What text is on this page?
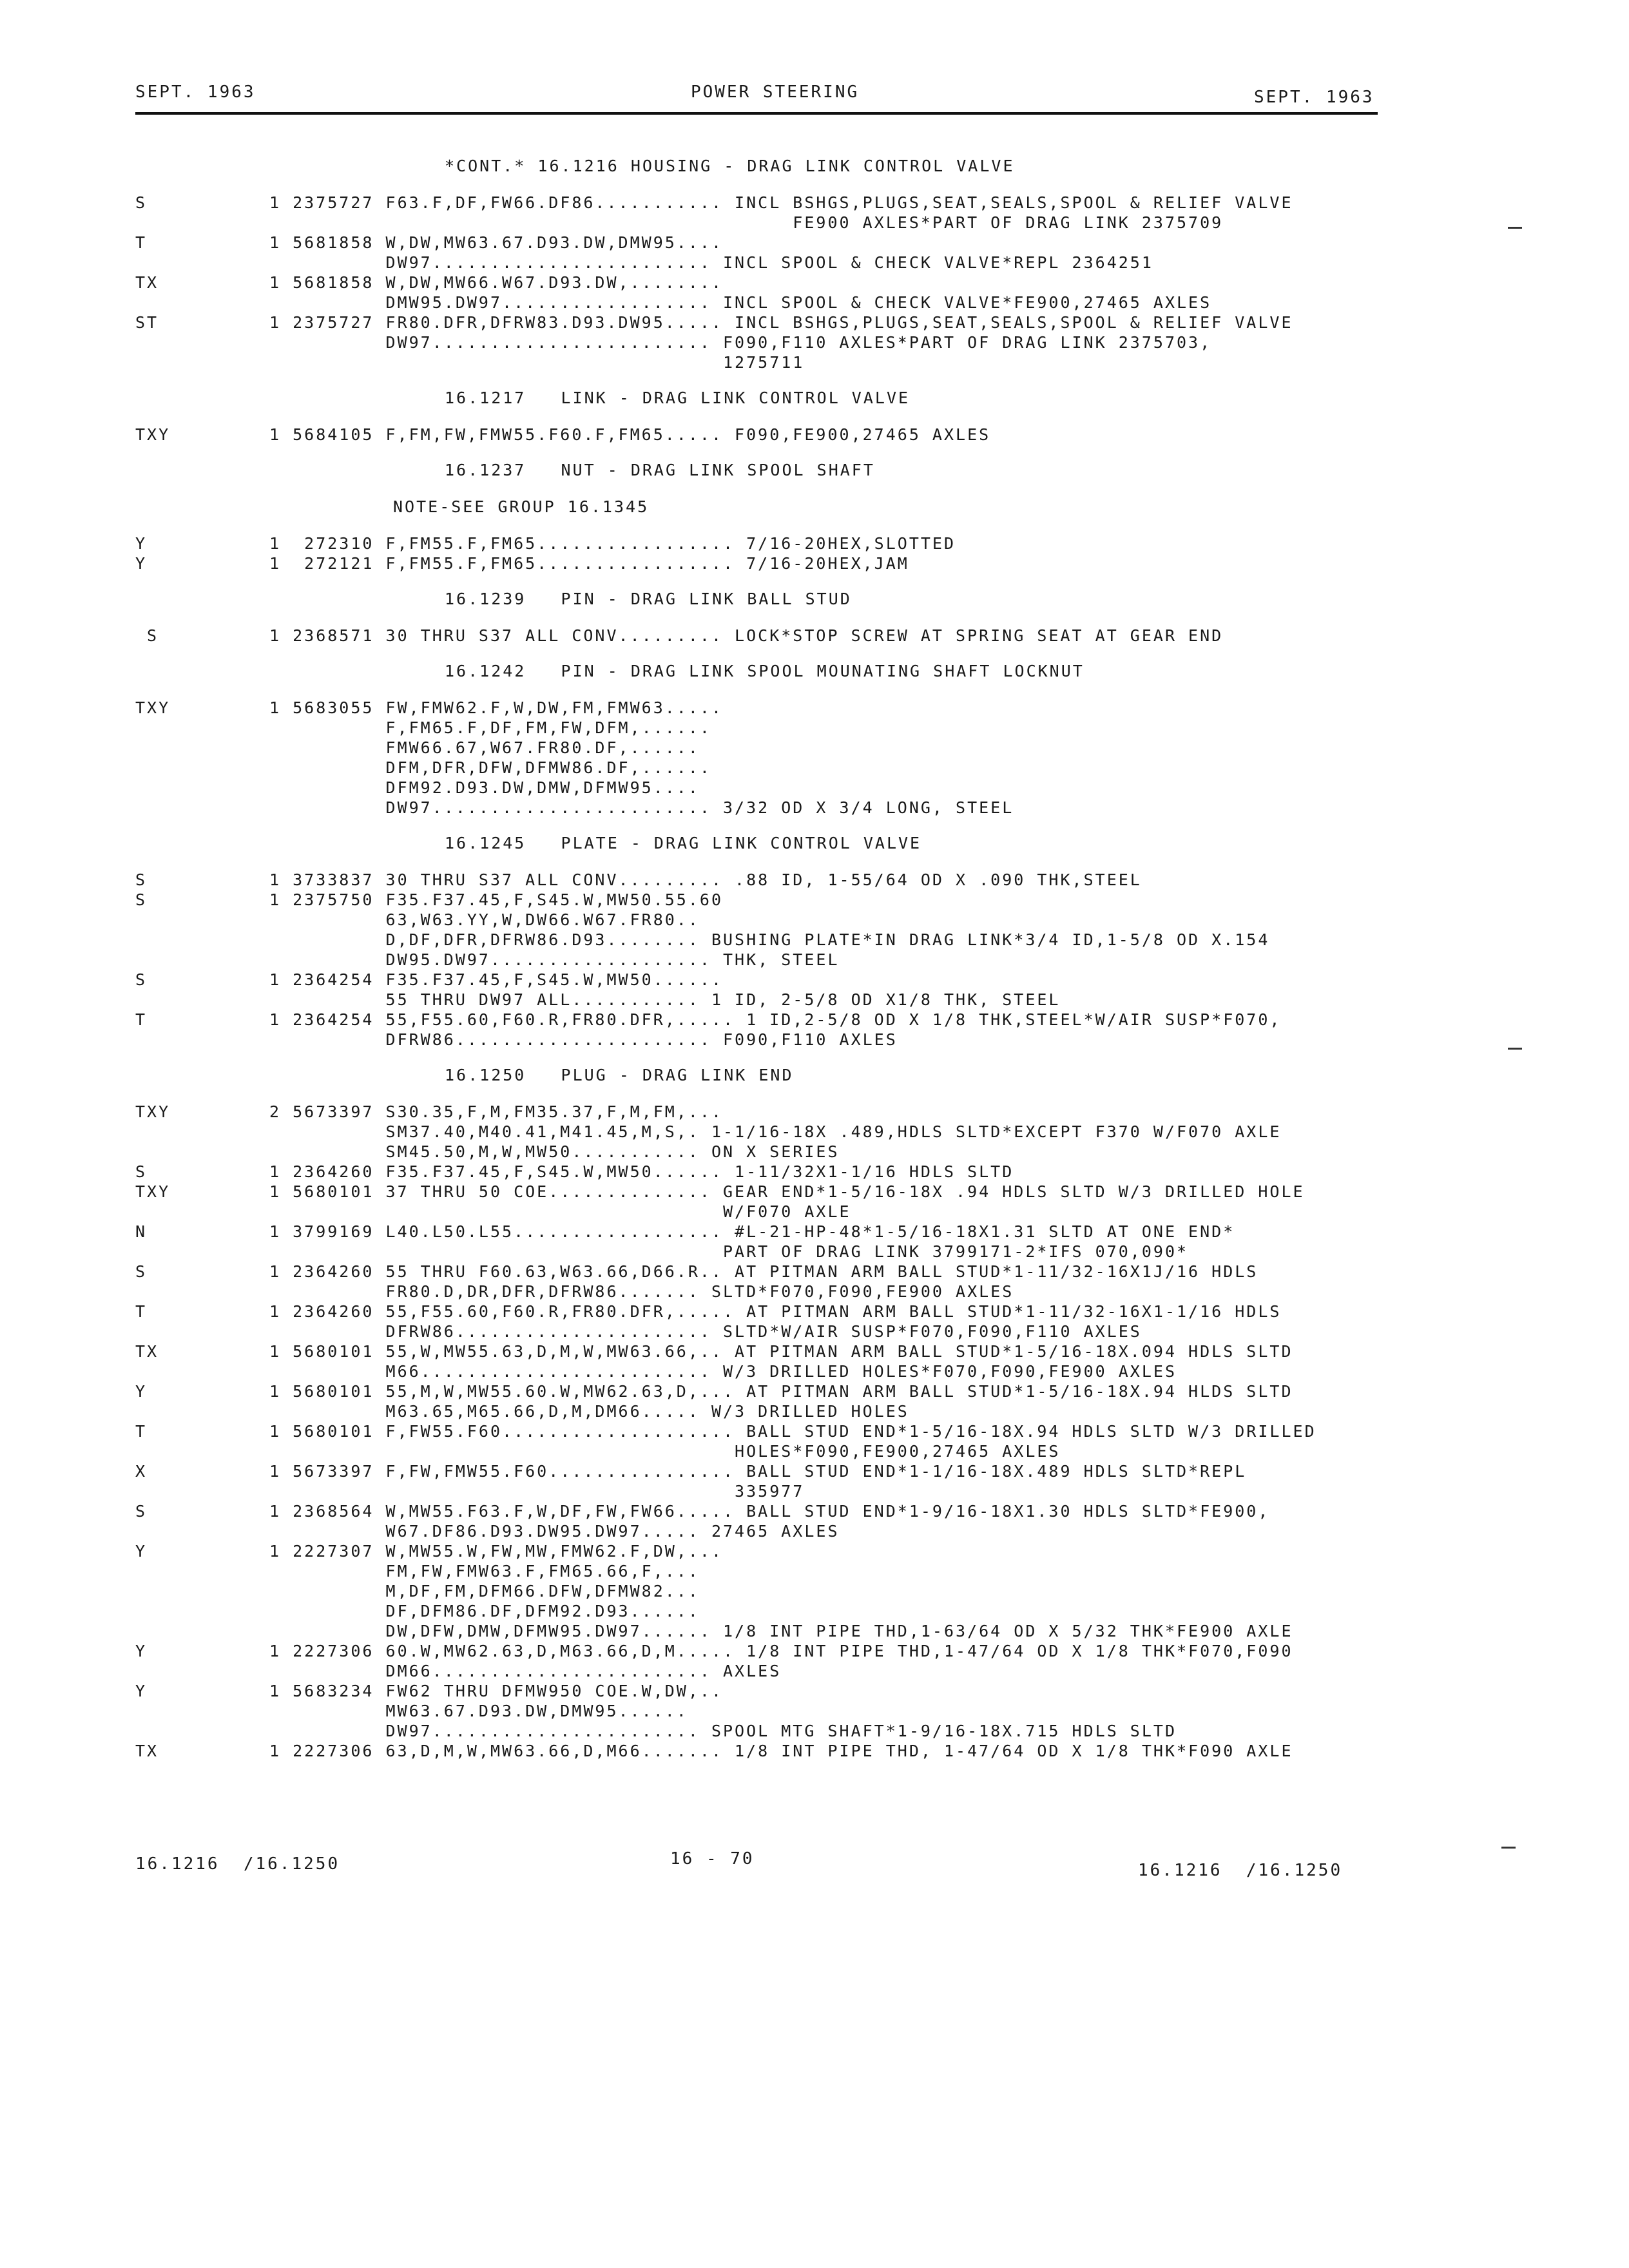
SEPT. 1963	POWER STEERING	SEPT. 1963
*CONT.* 16.1216 HOUSING - DRAG LINK CONTROL VALVE
S	1 2375727 F63.F,DF,FW66.DF86........... INCL BSHGS,PLUGS,SEAT,SEALS,SPOOL & RELIEF VALVE
FE900 AXLES*PART OF DRAG LINK 2375709
T	1 5681858 W,DW,MW63.67.D93.DW,DMW95....
DW97........................ INCL SPOOL & CHECK VALVE*REPL 2364251
TX	1 5681858 W,DW,MW66.W67.D93.DW,........
DMW95.DW97.................. INCL SPOOL & CHECK VALVE*FE900,27465 AXLES
ST	1 2375727 FR80.DFR,DFRW83.D93.DW95..... INCL BSHGS,PLUGS,SEAT,SEALS,SPOOL & RELIEF VALVE
DW97........................ F090,F110 AXLES*PART OF DRAG LINK 2375703,
1275711
16.1217   LINK - DRAG LINK CONTROL VALVE
TXY	1 5684105 F,FM,FW,FMW55.F60.F,FM65..... F090,FE900,27465 AXLES
16.1237   NUT - DRAG LINK SPOOL SHAFT
NOTE-SEE GROUP 16.1345
Y	1  272310 F,FM55.F,FM65................. 7/16-20HEX,SLOTTED
Y	1  272121 F,FM55.F,FM65................. 7/16-20HEX,JAM
16.1239   PIN - DRAG LINK BALL STUD
S	1 2368571 30 THRU S37 ALL CONV......... LOCK*STOP SCREW AT SPRING SEAT AT GEAR END
16.1242   PIN - DRAG LINK SPOOL MOUNATING SHAFT LOCKNUT
TXY	1 5683055 FW,FMW62.F,W,DW,FM,FMW63.....
F,FM65.F,DF,FM,FW,DFM,......
FMW66.67,W67.FR80.DF,......
DFM,DFR,DFW,DFMW86.DF,......
DFM92.D93.DW,DMW,DFMW95....
DW97........................ 3/32 OD X 3/4 LONG, STEEL
16.1245   PLATE - DRAG LINK CONTROL VALVE
S	1 3733837 30 THRU S37 ALL CONV......... .88 ID, 1-55/64 OD X .090 THK,STEEL
S	1 2375750 F35.F37.45,F,S45.W,MW50.55.60
63,W63.YY,W,DW66.W67.FR80..
D,DF,DFR,DFRW86.D93........ BUSHING PLATE*IN DRAG LINK*3/4 ID,1-5/8 OD X.154
DW95.DW97................... THK, STEEL
S	1 2364254 F35.F37.45,F,S45.W,MW50......
55 THRU DW97 ALL........... 1 ID, 2-5/8 OD X1/8 THK, STEEL
T	1 2364254 55,F55.60,F60.R,FR80.DFR,..... 1 ID,2-5/8 OD X 1/8 THK,STEEL*W/AIR SUSP*F070,
DFRW86...................... F090,F110 AXLES
16.1250   PLUG - DRAG LINK END
TXY	2 5673397 S30.35,F,M,FM35.37,F,M,FM,...
SM37.40,M40.41,M41.45,M,S,. 1-1/16-18X .489,HDLS SLTD*EXCEPT F370 W/F070 AXLE
SM45.50,M,W,MW50........... ON X SERIES
S	1 2364260 F35.F37.45,F,S45.W,MW50...... 1-11/32X1-1/16 HDLS SLTD
TXY	1 5680101 37 THRU 50 COE.............. GEAR END*1-5/16-18X .94 HDLS SLTD W/3 DRILLED HOLE
W/F070 AXLE
N	1 3799169 L40.L50.L55.................. #L-21-HP-48*1-5/16-18X1.31 SLTD AT ONE END*
PART OF DRAG LINK 3799171-2*IFS 070,090*
S	1 2364260 55 THRU F60.63,W63.66,D66.R.. AT PITMAN ARM BALL STUD*1-11/32-16X1J/16 HDLS
FR80.D,DR,DFR,DFRW86....... SLTD*F070,F090,FE900 AXLES
T	1 2364260 55,F55.60,F60.R,FR80.DFR,..... AT PITMAN ARM BALL STUD*1-11/32-16X1-1/16 HDLS
DFRW86...................... SLTD*W/AIR SUSP*F070,F090,F110 AXLES
TX	1 5680101 55,W,MW55.63,D,M,W,MW63.66,.. AT PITMAN ARM BALL STUD*1-5/16-18X.094 HDLS SLTD
M66......................... W/3 DRILLED HOLES*F070,F090,FE900 AXLES
Y	1 5680101 55,M,W,MW55.60.W,MW62.63,D,... AT PITMAN ARM BALL STUD*1-5/16-18X.94 HLDS SLTD
M63.65,M65.66,D,M,DM66..... W/3 DRILLED HOLES
T	1 5680101 F,FW55.F60.................... BALL STUD END*1-5/16-18X.94 HDLS SLTD W/3 DRILLED
HOLES*F090,FE900,27465 AXLES
X	1 5673397 F,FW,FMW55.F60................ BALL STUD END*1-1/16-18X.489 HDLS SLTD*REPL
335977
S	1 2368564 W,MW55.F63.F,W,DF,FW,FW66..... BALL STUD END*1-9/16-18X1.30 HDLS SLTD*FE900,
W67.DF86.D93.DW95.DW97..... 27465 AXLES
Y	1 2227307 W,MW55.W,FW,MW,FMW62.F,DW,...
FM,FW,FMW63.F,FM65.66,F,...
M,DF,FM,DFM66.DFW,DFMW82...
DF,DFM86.DF,DFM92.D93......
DW,DFW,DMW,DFMW95.DW97...... 1/8 INT PIPE THD,1-63/64 OD X 5/32 THK*FE900 AXLE
Y	1 2227306 60.W,MW62.63,D,M63.66,D,M..... 1/8 INT PIPE THD,1-47/64 OD X 1/8 THK*F070,F090
DM66........................ AXLES
Y	1 5683234 FW62 THRU DFMW950 COE.W,DW,..
MW63.67.D93.DW,DMW95......
DW97....................... SPOOL MTG SHAFT*1-9/16-18X.715 HDLS SLTD
TX	1 2227306 63,D,M,W,MW63.66,D,M66....... 1/8 INT PIPE THD, 1-47/64 OD X 1/8 THK*F090 AXLE
16.1216  /16.1250	16 - 70
16.1216  /16.1250
